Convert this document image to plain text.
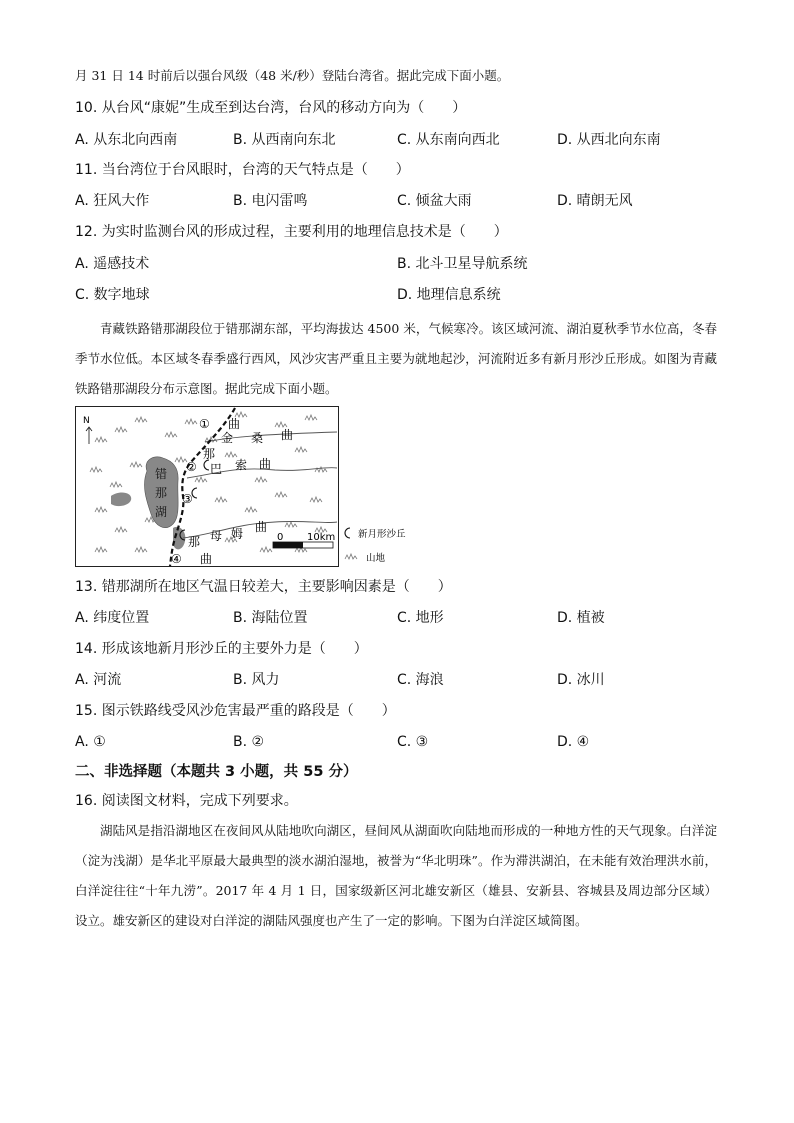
月 31 日 14 时前后以强台风级（48 米/秒）登陆台湾省。据此完成下面小题。
10. 从台风“康妮”生成至到达台湾，台风的移动方向为（　　）
A. 从东北向西南	B. 从西南向东北	C. 从东南向西北	D. 从西北向东南
11. 当台湾位于台风眼时，台湾的天气特点是（　　）
A. 狂风大作	B. 电闪雷鸣	C. 倾盆大雨	D. 晴朗无风
12. 为实时监测台风的形成过程，主要利用的地理信息技术是（　　）
A. 遥感技术	B. 北斗卫星导航系统
C. 数字地球	D. 地理信息系统
青藏铁路错那湖段位于错那湖东部，平均海拔达 4500 米，气候寒冷。该区域河流、湖泊夏秋季节水位高，冬春季节水位低。本区域冬春季盛行西风，风沙灾害严重且主要为就地起沙，河流附近多有新月形沙丘形成。如图为青藏铁路错那湖段分布示意图。据此完成下面小题。
N
错
那
湖
曲
金 桑 曲
那
巴 索 曲
曲
那 母 姆
曲
①
②
③
④
0 10km 新月形沙丘
山地
13. 错那湖所在地区气温日较差大，主要影响因素是（　　）
A. 纬度位置	B. 海陆位置	C. 地形	D. 植被
14. 形成该地新月形沙丘的主要外力是（　　）
A. 河流	B. 风力	C. 海浪	D. 冰川
15. 图示铁路线受风沙危害最严重的路段是（　　）
A. ①	B. ②	C. ③	D. ④
二、非选择题（本题共 3 小题，共 55 分）
16. 阅读图文材料，完成下列要求。
湖陆风是指沿湖地区在夜间风从陆地吹向湖区，昼间风从湖面吹向陆地而形成的一种地方性的天气现象。白洋淀（淀为浅湖）是华北平原最大最典型的淡水湖泊湿地，被誉为“华北明珠”。作为滞洪湖泊，在未能有效治理洪水前，白洋淀往往“十年九涝”。2017 年 4 月 1 日，国家级新区河北雄安新区（雄县、安新县、容城县及周边部分区域）设立。雄安新区的建设对白洋淀的湖陆风强度也产生了一定的影响。下图为白洋淀区域简图。
